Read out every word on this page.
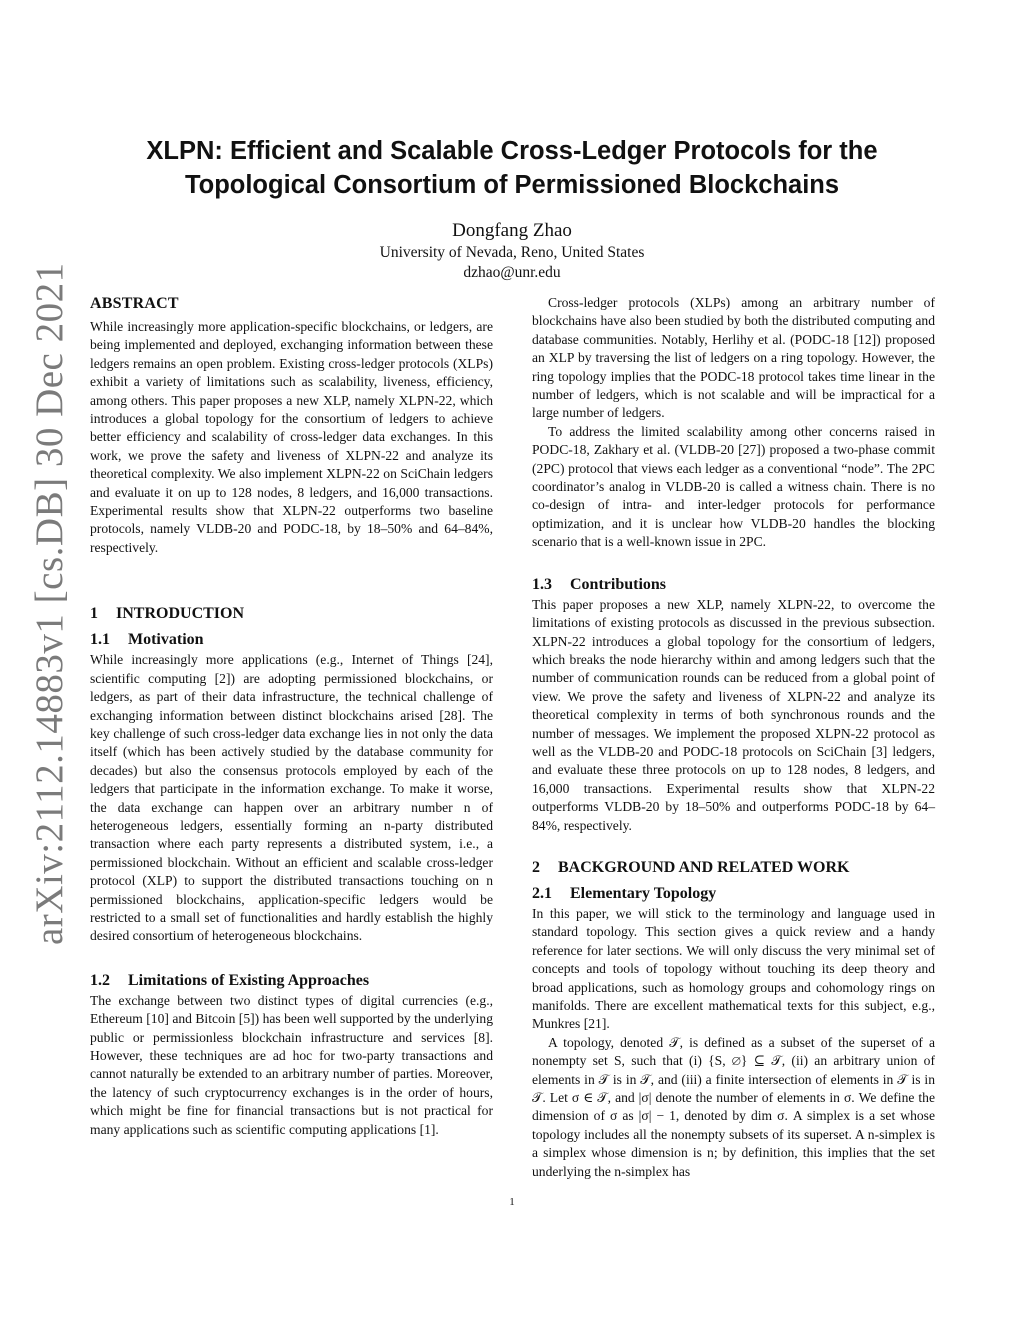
arXiv:2112.14883v1 [cs.DB] 30 Dec 2021
XLPN: Efficient and Scalable Cross-Ledger Protocols for the
Topological Consortium of Permissioned Blockchains
Dongfang Zhao
University of Nevada, Reno, United States
dzhao@unr.edu
ABSTRACT

While increasingly more application-specific blockchains, or ledgers, are being implemented and deployed, exchanging information between these ledgers remains an open problem. Existing cross-ledger protocols (XLPs) exhibit a variety of limitations such as scalability, liveness, efficiency, among others. This paper proposes a new XLP, namely XLPN-22, which introduces a global topology for the consortium of ledgers to achieve better efficiency and scalability of cross-ledger data exchanges. In this work, we prove the safety and liveness of XLPN-22 and analyze its theoretical complexity. We also implement XLPN-22 on SciChain ledgers and evaluate it on up to 128 nodes, 8 ledgers, and 16,000 transactions. Experimental results show that XLPN-22 outperforms two baseline protocols, namely VLDB-20 and PODC-18, by 18–50% and 64–84%, respectively.

1 INTRODUCTION
1.1 Motivation

While increasingly more applications (e.g., Internet of Things [24], scientific computing [2]) are adopting permissioned blockchains, or ledgers, as part of their data infrastructure, the technical challenge of exchanging information between distinct blockchains arised [28]. The key challenge of such cross-ledger data exchange lies in not only the data itself (which has been actively studied by the database community for decades) but also the consensus protocols employed by each of the ledgers that participate in the information exchange. To make it worse, the data exchange can happen over an arbitrary number n of heterogeneous ledgers, essentially forming an n-party distributed transaction where each party represents a distributed system, i.e., a permissioned blockchain. Without an efficient and scalable cross-ledger protocol (XLP) to support the distributed transactions touching on n permissioned blockchains, application-specific ledgers would be restricted to a small set of functionalities and hardly establish the highly desired consortium of heterogeneous blockchains.

1.2 Limitations of Existing Approaches

The exchange between two distinct types of digital currencies (e.g., Ethereum [10] and Bitcoin [5]) has been well supported by the underlying public or permissionless blockchain infrastructure and services [8]. However, these techniques are ad hoc for two-party transactions and cannot naturally be extended to an arbitrary number of parties. Moreover, the latency of such cryptocurrency exchanges is in the order of hours, which might be fine for financial transactions but is not practical for many applications such as scientific computing applications [1].

Cross-ledger protocols (XLPs) among an arbitrary number of blockchains have also been studied by both the distributed computing and database communities. Notably, Herlihy et al. (PODC-18 [12]) proposed an XLP by traversing the list of ledgers on a ring topology. However, the ring topology implies that the PODC-18 protocol takes time linear in the number of ledgers, which is not scalable and will be impractical for a large number of ledgers.

To address the limited scalability among other concerns raised in PODC-18, Zakhary et al. (VLDB-20 [27]) proposed a two-phase commit (2PC) protocol that views each ledger as a conventional “node”. The 2PC coordinator’s analog in VLDB-20 is called a witness chain. There is no co-design of intra- and inter-ledger protocols for performance optimization, and it is unclear how VLDB-20 handles the blocking scenario that is a well-known issue in 2PC.

1.3 Contributions

This paper proposes a new XLP, namely XLPN-22, to overcome the limitations of existing protocols as discussed in the previous subsection. XLPN-22 introduces a global topology for the consortium of ledgers, which breaks the node hierarchy within and among ledgers such that the number of communication rounds can be reduced from a global point of view. We prove the safety and liveness of XLPN-22 and analyze its theoretical complexity in terms of both synchronous rounds and the number of messages. We implement the proposed XLPN-22 protocol as well as the VLDB-20 and PODC-18 protocols on SciChain [3] ledgers, and evaluate these three protocols on up to 128 nodes, 8 ledgers, and 16,000 transactions. Experimental results show that XLPN-22 outperforms VLDB-20 by 18–50% and outperforms PODC-18 by 64–84%, respectively.

2 BACKGROUND AND RELATED WORK
2.1 Elementary Topology

In this paper, we will stick to the terminology and language used in standard topology. This section gives a quick review and a handy reference for later sections. We will only discuss the very minimal set of concepts and tools of topology without touching its deep theory and broad applications, such as homology groups and cohomology rings on manifolds. There are excellent mathematical texts for this subject, e.g., Munkres [21].

A topology, denoted 𝒯, is defined as a subset of the superset of a nonempty set S, such that (i) {S, ∅} ⊆ 𝒯, (ii) an arbitrary union of elements in 𝒯 is in 𝒯, and (iii) a finite intersection of elements in 𝒯 is in 𝒯. Let σ ∈ 𝒯, and |σ| denote the number of elements in σ. We define the dimension of σ as |σ| − 1, denoted by dim σ. A simplex is a set whose topology includes all the nonempty subsets of its superset. A n-simplex is a simplex whose dimension is n; by definition, this implies that the set underlying the n-simplex has

1
